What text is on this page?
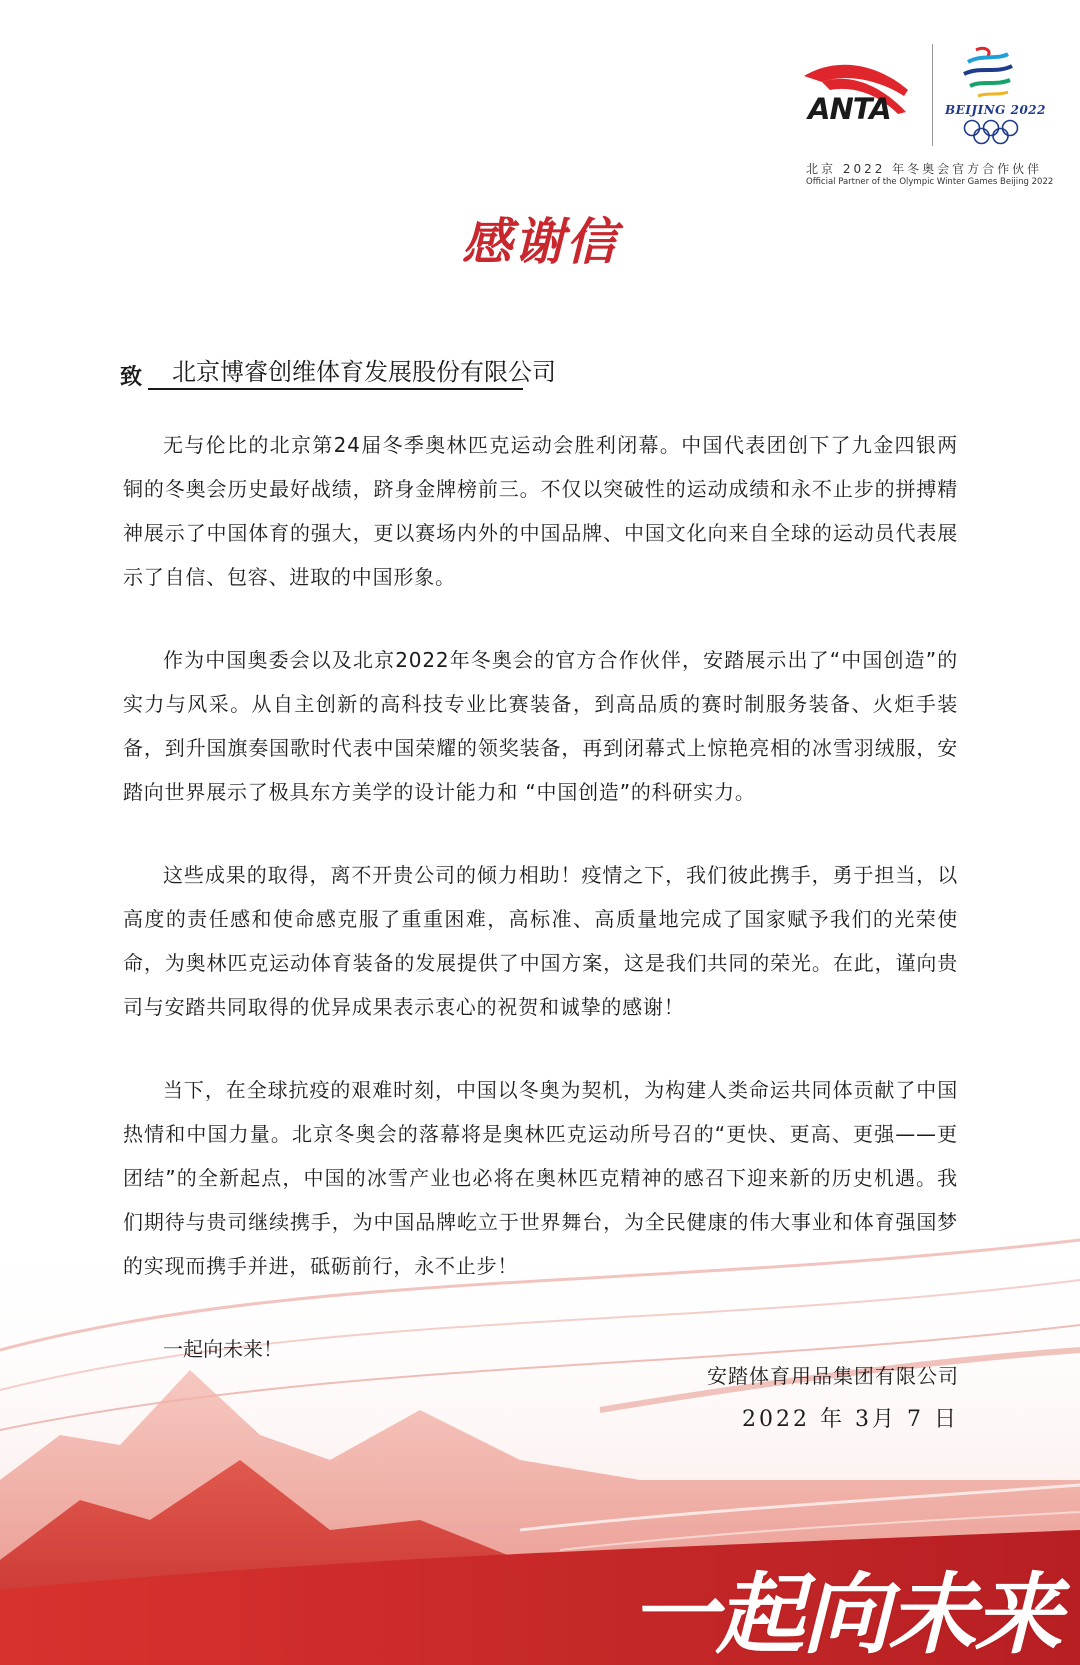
ANTA	BEIJING 2022
北京 2022 年冬奥会官方合作伙伴
Official Partner of the Olympic Winter Games Beijing 2022
感谢信
致 北京博睿创维体育发展股份有限公司

无与伦比的北京第24届冬季奥林匹克运动会胜利闭幕。中国代表团创下了九金四银两铜的冬奥会历史最好战绩，跻身金牌榜前三。不仅以突破性的运动成绩和永不止步的拼搏精神展示了中国体育的强大，更以赛场内外的中国品牌、中国文化向来自全球的运动员代表展示了自信、包容、进取的中国形象。

作为中国奥委会以及北京2022年冬奥会的官方合作伙伴，安踏展示出了“中国创造”的实力与风采。从自主创新的高科技专业比赛装备，到高品质的赛时制服务装备、火炬手装备，到升国旗奏国歌时代表中国荣耀的领奖装备，再到闭幕式上惊艳亮相的冰雪羽绒服，安踏向世界展示了极具东方美学的设计能力和 “中国创造”的科研实力。

这些成果的取得，离不开贵公司的倾力相助！疫情之下，我们彼此携手，勇于担当，以高度的责任感和使命感克服了重重困难，高标准、高质量地完成了国家赋予我们的光荣使命，为奥林匹克运动体育装备的发展提供了中国方案，这是我们共同的荣光。在此，谨向贵司与安踏共同取得的优异成果表示衷心的祝贺和诚挚的感谢！

当下，在全球抗疫的艰难时刻，中国以冬奥为契机，为构建人类命运共同体贡献了中国热情和中国力量。北京冬奥会的落幕将是奥林匹克运动所号召的“更快、更高、更强——更团结”的全新起点，中国的冰雪产业也必将在奥林匹克精神的感召下迎来新的历史机遇。我们期待与贵司继续携手，为中国品牌屹立于世界舞台，为全民健康的伟大事业和体育强国梦的实现而携手并进，砥砺前行，永不止步！

一起向未来！

安踏体育用品集团有限公司
2022 年 3月 7 日
一起向未来
